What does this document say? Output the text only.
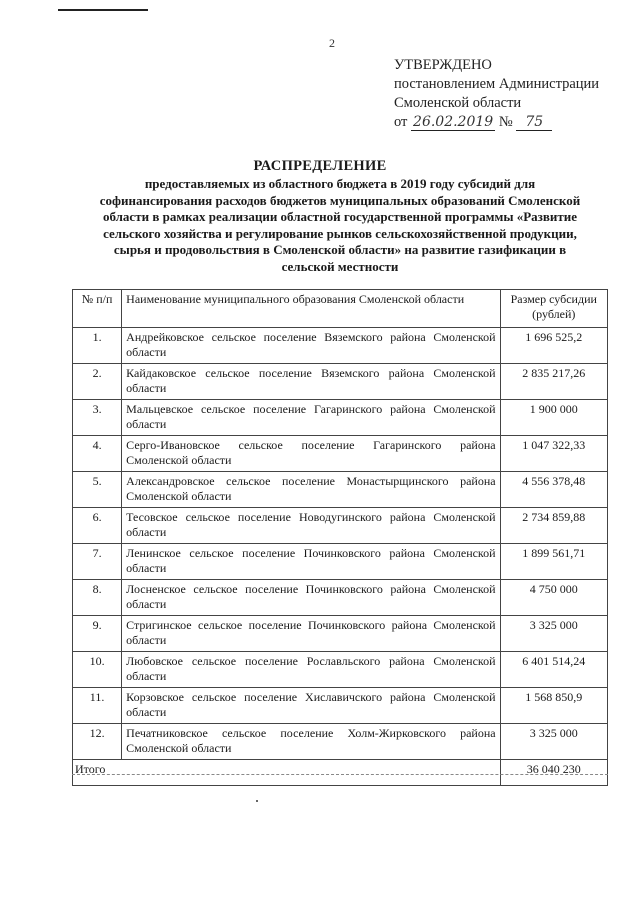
2
УТВЕРЖДЕНО
постановлением Администрации
Смоленской области
от 26.02.2019 № 75
РАСПРЕДЕЛЕНИЕ
предоставляемых из областного бюджета в 2019 году субсидий для софинансирования расходов бюджетов муниципальных образований Смоленской области в рамках реализации областной государственной программы «Развитие сельского хозяйства и регулирование рынков сельскохозяйственной продукции, сырья и продовольствия в Смоленской области» на развитие газификации в сельской местности
№ п/п	Наименование муниципального образования Смоленской области	Размер субсидии (рублей)
1.	Андрейковское сельское поселение Вяземского района Смоленской области	1 696 525,2
2.	Кайдаковское сельское поселение Вяземского района Смоленской области	2 835 217,26
3.	Мальцевское сельское поселение Гагаринского района Смоленской области	1 900 000
4.	Серго-Ивановское сельское поселение Гагаринского района Смоленской области	1 047 322,33
5.	Александровское сельское поселение Монастырщинского района Смоленской области	4 556 378,48
6.	Тесовское сельское поселение Новодугинского района Смоленской области	2 734 859,88
7.	Ленинское сельское поселение Починковского района Смоленской области	1 899 561,71
8.	Лосненское сельское поселение Починковского района Смоленской области	4 750 000
9.	Стригинское сельское поселение Починковского района Смоленской области	3 325 000
10.	Любовское сельское поселение Рославльского района Смоленской области	6 401 514,24
11.	Корзовское сельское поселение Хиславичского района Смоленской области	1 568 850,9
12.	Печатниковское сельское поселение Холм-Жирковского района Смоленской области	3 325 000
Итого		36 040 230
